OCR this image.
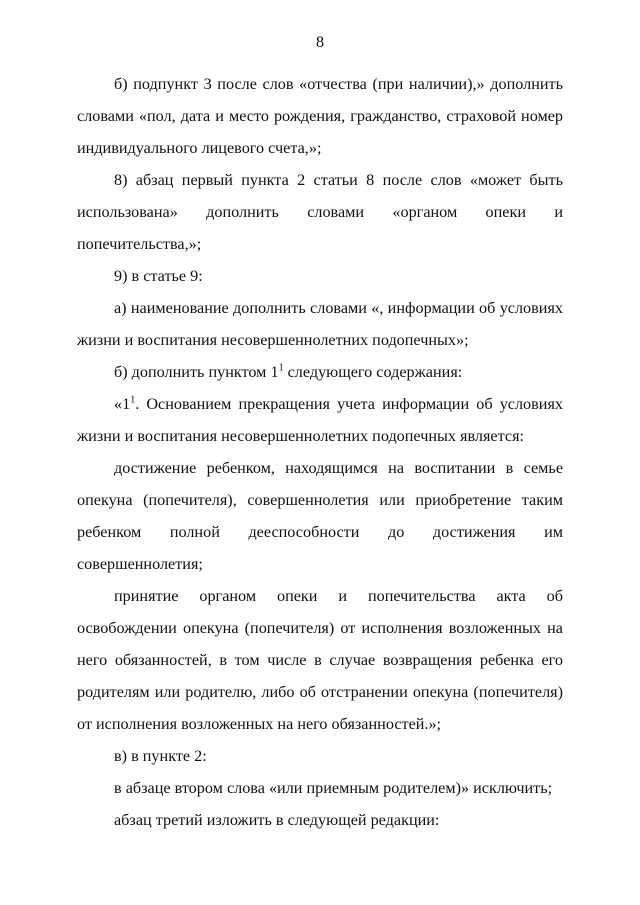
8

б) подпункт 3 после слов «отчества (при наличии),» дополнить словами «пол, дата и место рождения, гражданство, страховой номер индивидуального лицевого счета,»;

8) абзац первый пункта 2 статьи 8 после слов «может быть использована» дополнить словами «органом опеки и попечительства,»;

9) в статье 9:

а) наименование дополнить словами «, информации об условиях жизни и воспитания несовершеннолетних подопечных»;

б) дополнить пунктом $1^1$ следующего содержания:

«$1^1$. Основанием прекращения учета информации об условиях жизни и воспитания несовершеннолетних подопечных является:

достижение ребенком, находящимся на воспитании в семье опекуна (попечителя), совершеннолетия или приобретение таким ребенком полной дееспособности до достижения им совершеннолетия;

принятие органом опеки и попечительства акта об освобождении опекуна (попечителя) от исполнения возложенных на него обязанностей, в том числе в случае возвращения ребенка его родителям или родителю, либо об отстранении опекуна (попечителя) от исполнения возложенных на него обязанностей.»;

в) в пункте 2:

в абзаце втором слова «или приемным родителем)» исключить;

абзац третий изложить в следующей редакции:
